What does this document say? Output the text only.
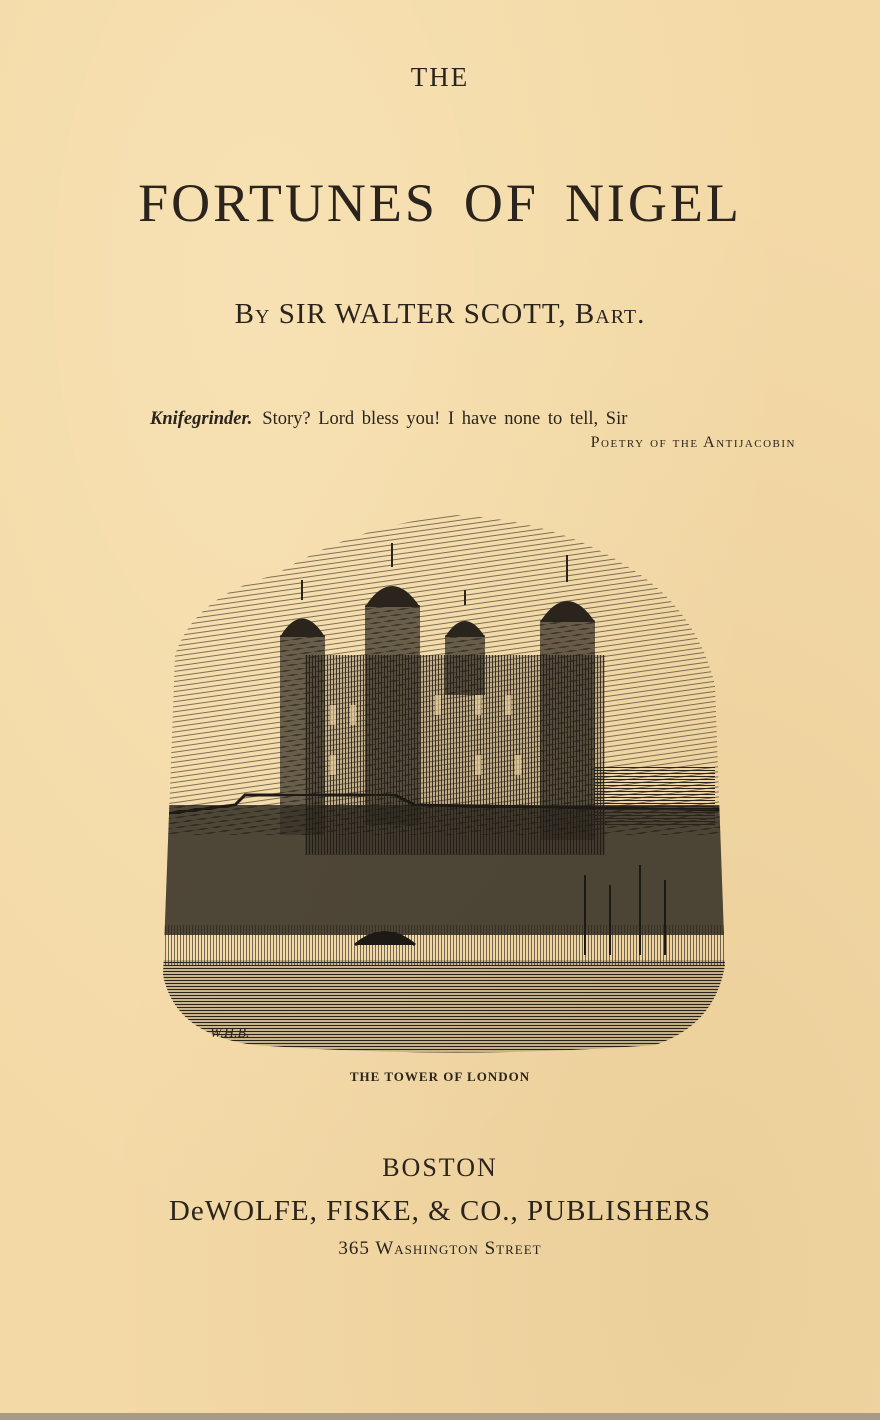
THE
FORTUNES OF NIGEL
By SIR WALTER SCOTT, Bart.
Knifegrinder. Story? Lord bless you! I have none to tell, Sir
Poetry of the Antijacobin
W.H.B.
THE TOWER OF LONDON
BOSTON
DeWOLFE, FISKE, & CO., PUBLISHERS
365 Washington Street
